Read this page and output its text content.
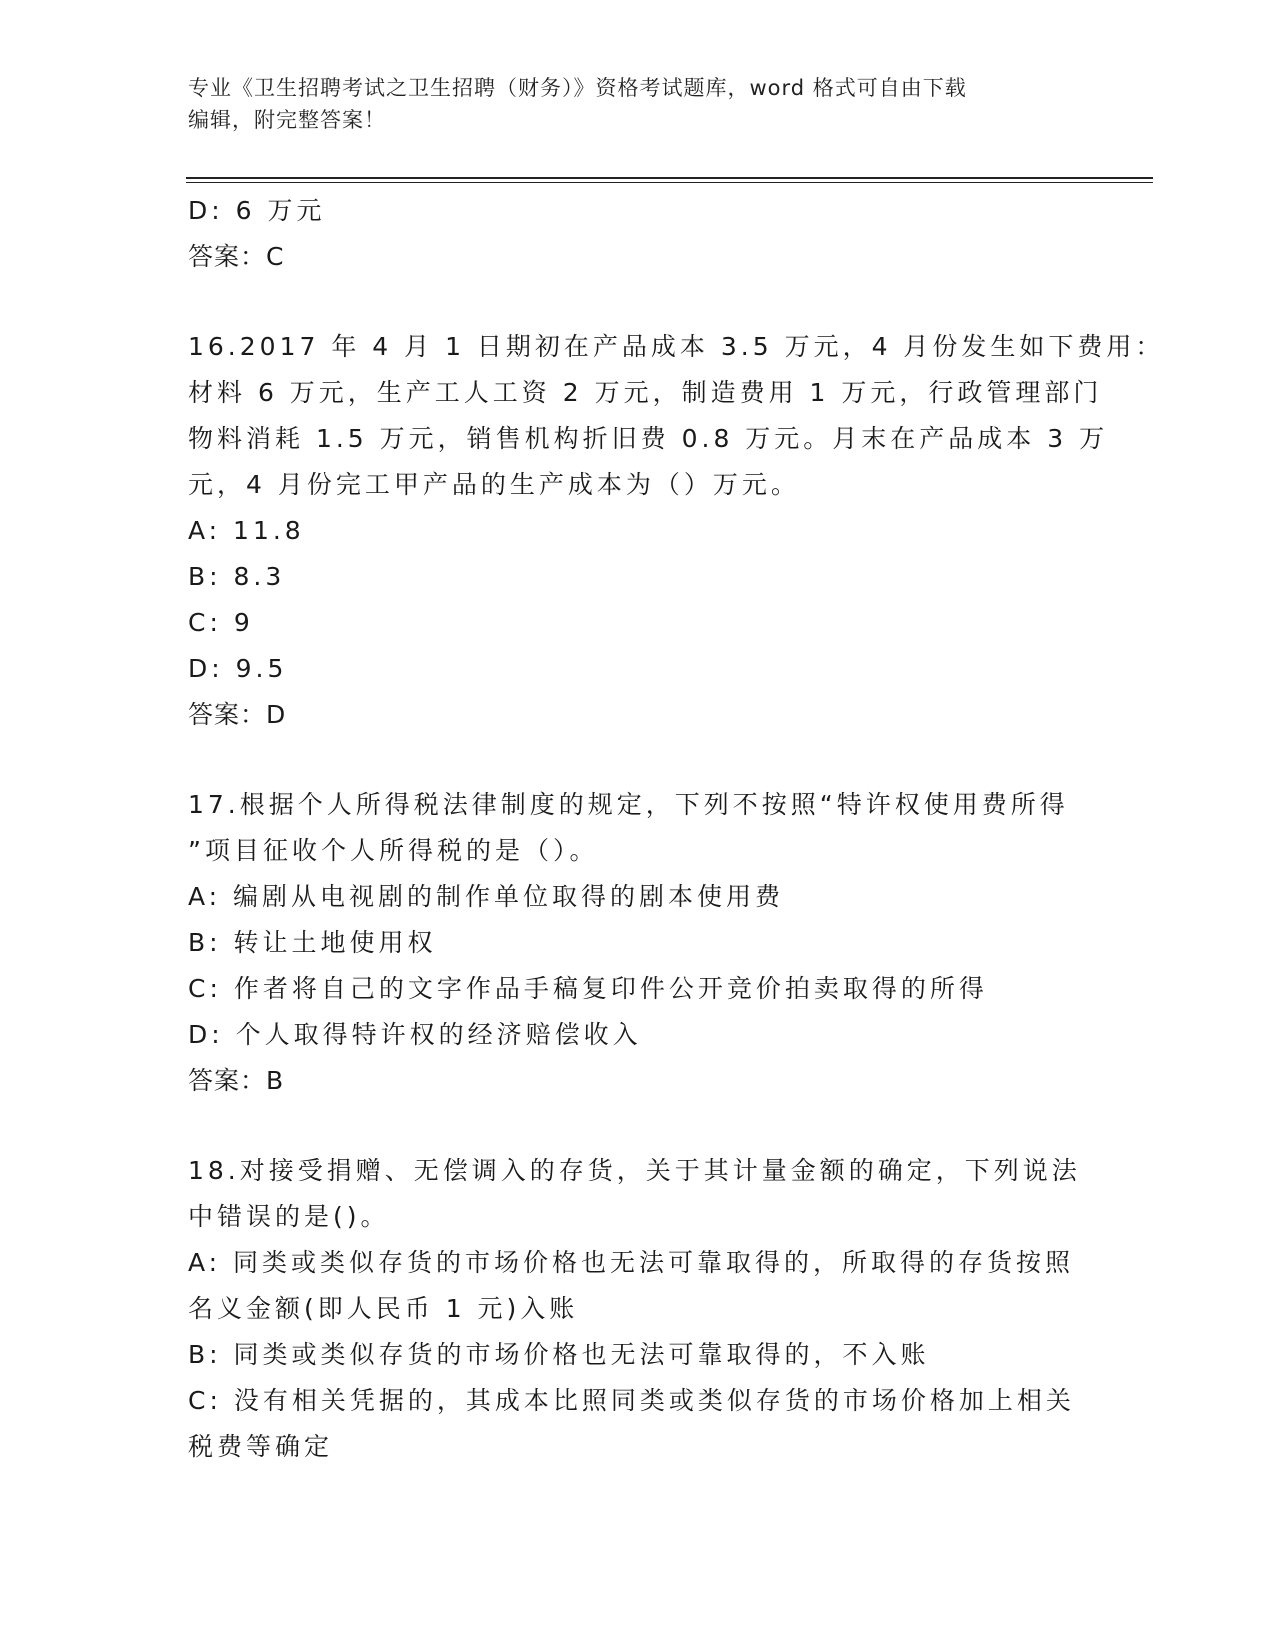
专业《卫生招聘考试之卫生招聘（财务）》资格考试题库，word 格式可自由下载
编辑，附完整答案！
D: 6 万元
答案：C
16.2017 年 4 月 1 日期初在产品成本 3.5 万元，4 月份发生如下费用：
材料 6 万元，生产工人工资 2 万元，制造费用 1 万元，行政管理部门
物料消耗 1.5 万元，销售机构折旧费 0.8 万元。月末在产品成本 3 万
元，4 月份完工甲产品的生产成本为（）万元。
A: 11.8
B: 8.3
C: 9
D: 9.5
答案：D
17.根据个人所得税法律制度的规定，下列不按照“特许权使用费所得
”项目征收个人所得税的是（）。
A: 编剧从电视剧的制作单位取得的剧本使用费
B: 转让土地使用权
C: 作者将自己的文字作品手稿复印件公开竞价拍卖取得的所得
D: 个人取得特许权的经济赔偿收入
答案：B
18.对接受捐赠、无偿调入的存货，关于其计量金额的确定，下列说法
中错误的是()。
A: 同类或类似存货的市场价格也无法可靠取得的，所取得的存货按照
名义金额(即人民币 1 元)入账
B: 同类或类似存货的市场价格也无法可靠取得的，不入账
C: 没有相关凭据的，其成本比照同类或类似存货的市场价格加上相关
税费等确定
